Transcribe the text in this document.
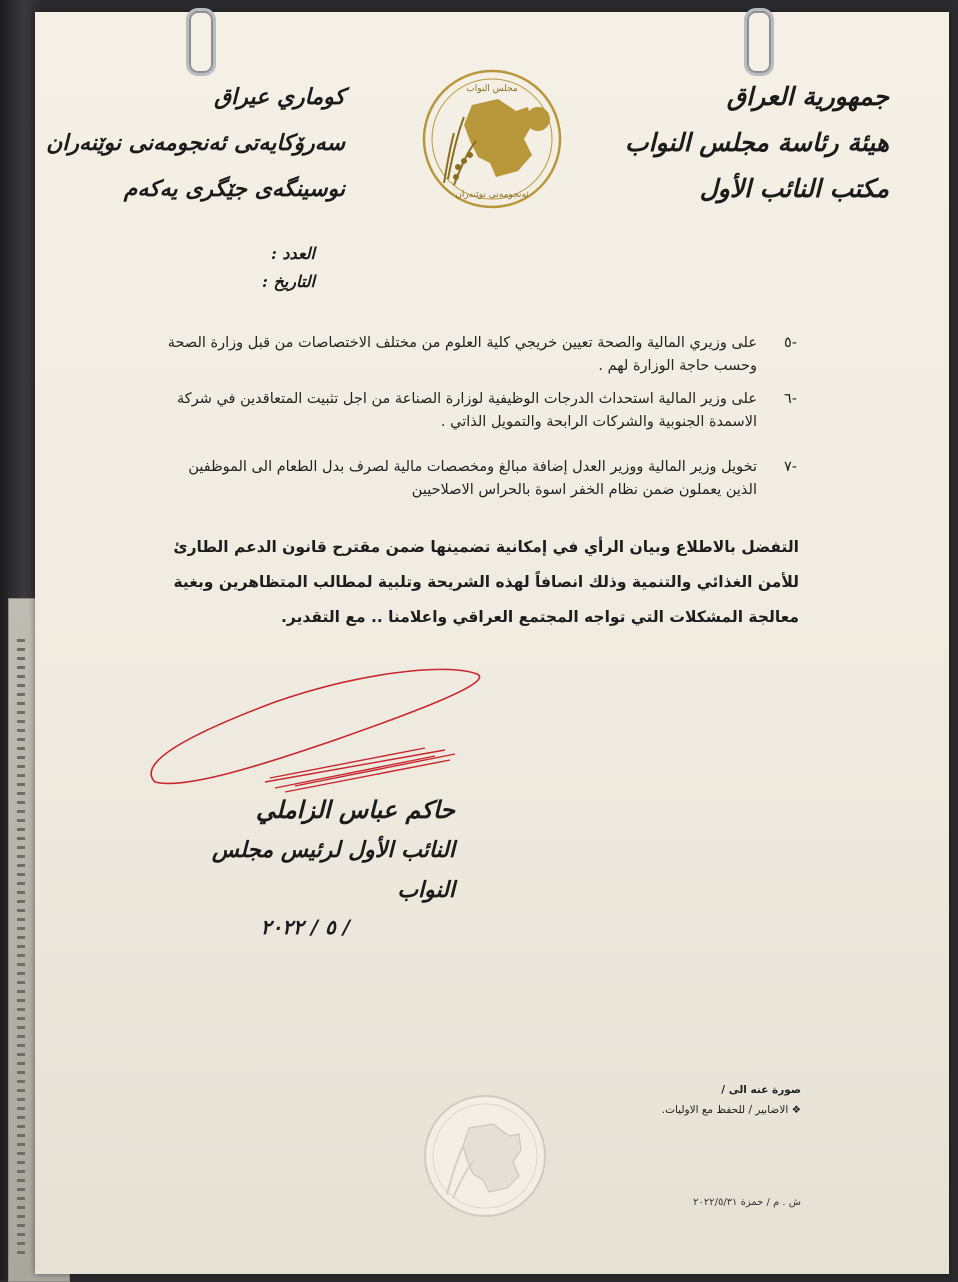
جمهورية العراق
هيئة رئاسة مجلس النواب
مكتب النائب الأول
مجلس النواب
ئەنجومەنی نوێنەران
كوماري عيراق
سەرۆكايەتی ئەنجومەنی نوێنەران
نوسینگەی جێگری یەكەم
العدد :
التاريخ :
-٥
على وزيري المالية والصحة تعيين خريجي كلية العلوم من مختلف الاختصاصات من قبل وزارة الصحة وحسب حاجة الوزارة لهم .
-٦
على وزير المالية استحداث الدرجات الوظيفية لوزارة الصناعة من اجل تثبيت المتعاقدين في شركة الاسمدة الجنوبية والشركات الرابحة والتمويل الذاتي .
-٧
تخويل وزير المالية ووزير العدل إضافة مبالغ ومخصصات مالية لصرف بدل الطعام الى الموظفين الذين يعملون ضمن نظام الخفر اسوة بالحراس الاصلاحيين
التفضل بالاطلاع وبيان الرأي في إمكانية تضمينها ضمن مقترح قانون الدعم الطارئ للأمن الغذائي والتنمية وذلك انصافاً لهذه الشريحة وتلبية لمطالب المتظاهرين وبغية معالجة المشكلات التي تواجه المجتمع العراقي واعلامنا .. مع التقدير.
حاكم عباس الزاملي
النائب الأول لرئيس مجلس النواب
/ ٥ / ٢٠٢٢
صورة عنه الى /
❖ الاضابير / للحفظ مع الاوليات.
ش . م / حمزة ٢٠٢٢/٥/٣١
